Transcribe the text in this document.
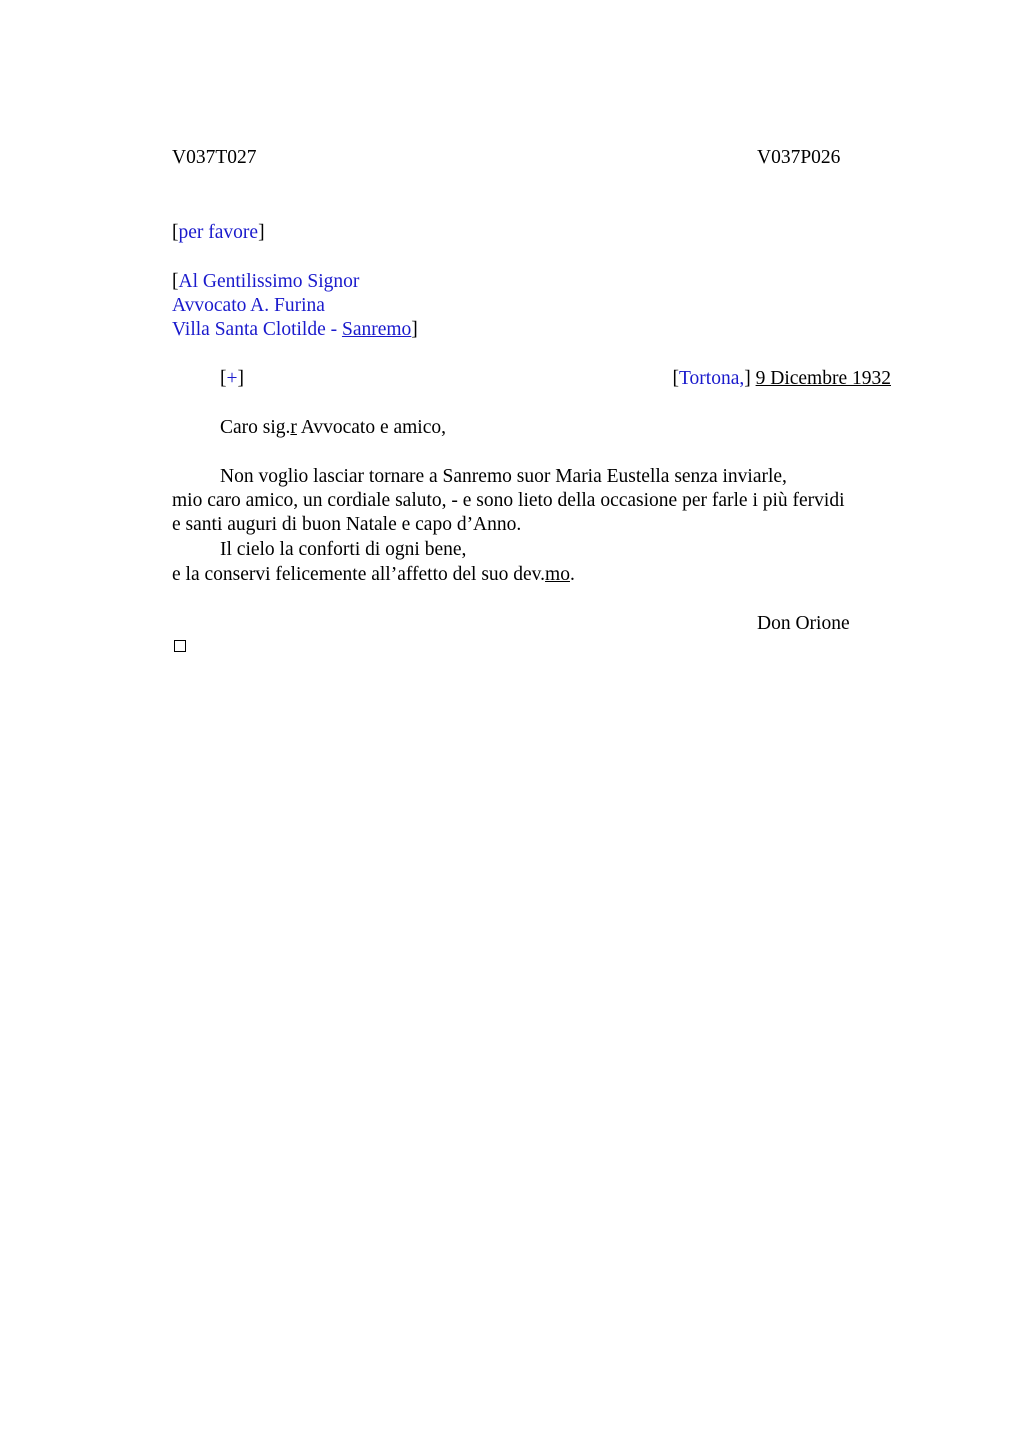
V037T027	V037P026
[per favore]
[Al Gentilissimo Signor
Avvocato A. Furina
Villa Santa Clotilde - Sanremo]
[+]	[Tortona,] 9 Dicembre 1932
Caro sig.r Avvocato e amico,
Non voglio lasciar tornare a Sanremo suor Maria Eustella senza inviarle,
mio caro amico, un cordiale saluto, - e sono lieto della occasione per farle i più fervidi
e santi auguri di buon Natale e capo d’Anno.
Il cielo la conforti di ogni bene,
e la conservi felicemente all’affetto del suo dev.mo.
Don Orione
